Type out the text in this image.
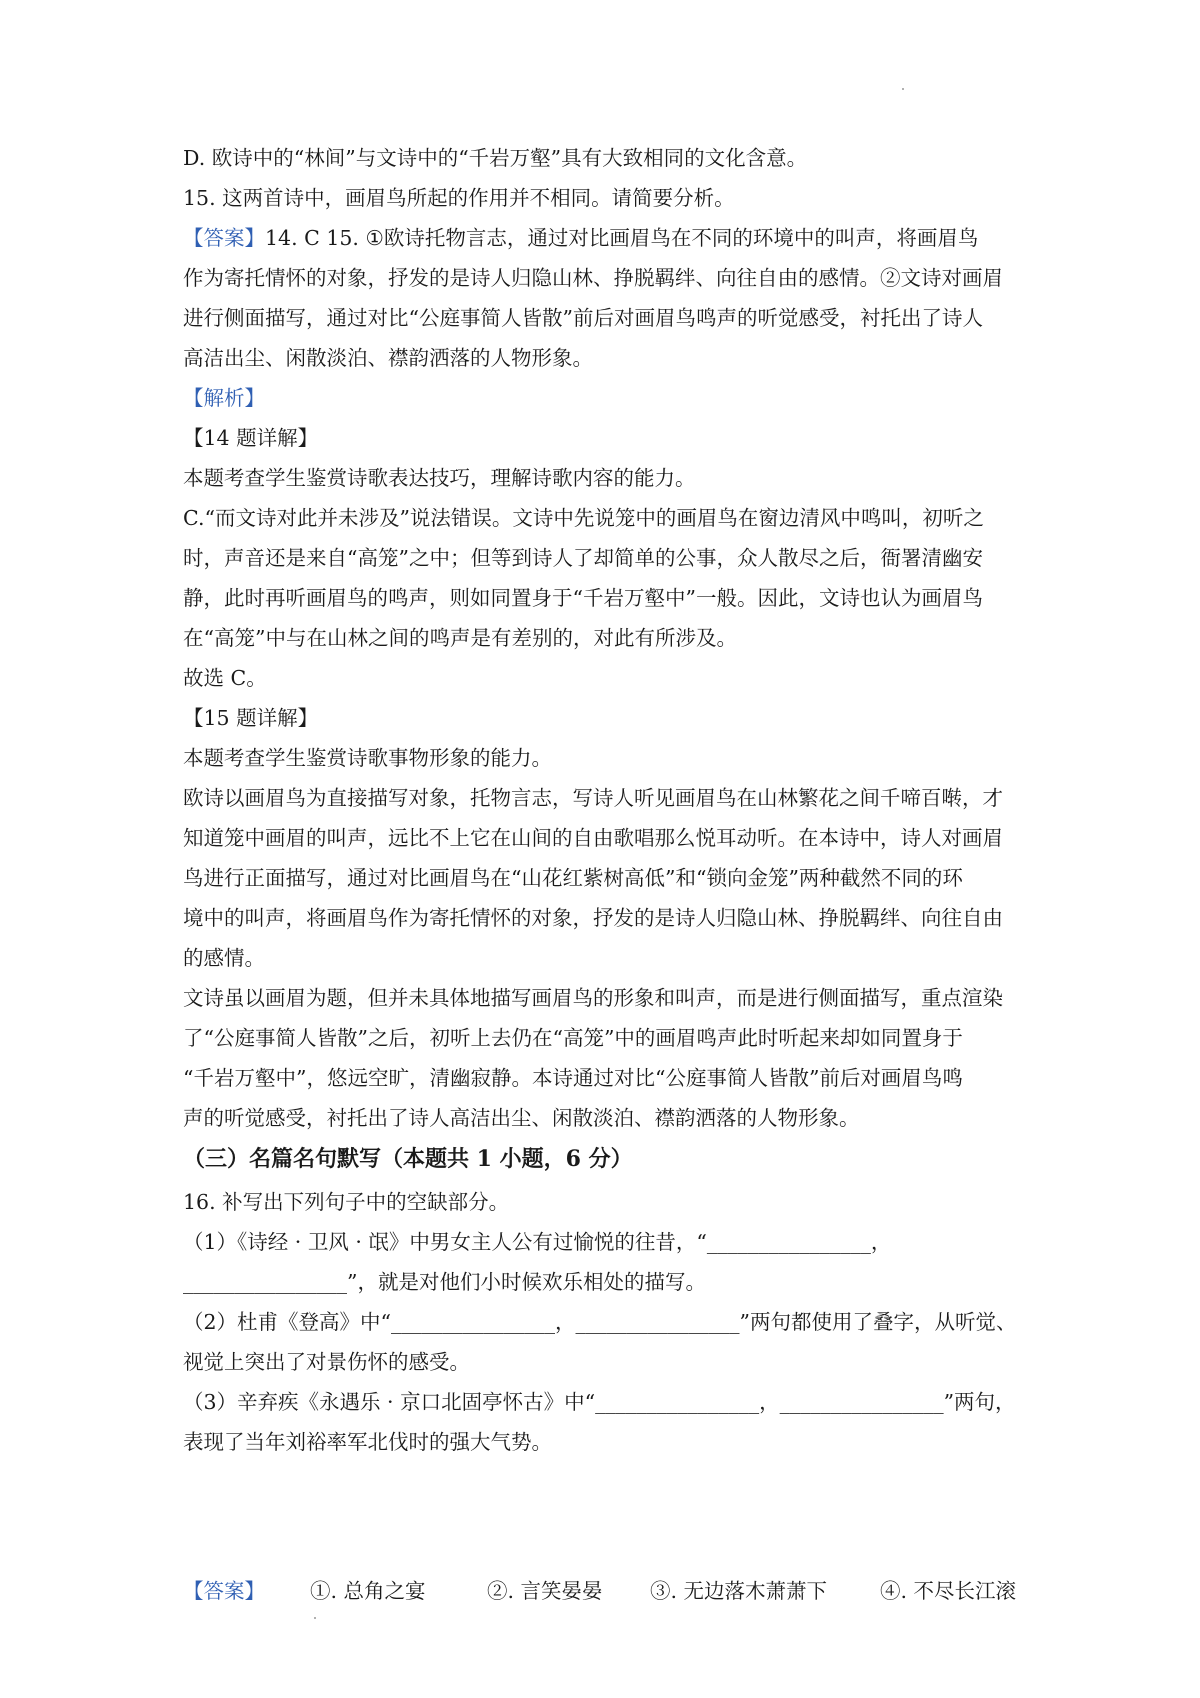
D. 欧诗中的“林间”与文诗中的“千岩万壑”具有大致相同的文化含意。
15. 这两首诗中，画眉鸟所起的作用并不相同。请简要分析。
【答案】14. C 15. ①欧诗托物言志，通过对比画眉鸟在不同的环境中的叫声，将画眉鸟
作为寄托情怀的对象，抒发的是诗人归隐山林、挣脱羁绊、向往自由的感情。②文诗对画眉
进行侧面描写，通过对比“公庭事简人皆散”前后对画眉鸟鸣声的听觉感受，衬托出了诗人
高洁出尘、闲散淡泊、襟韵洒落的人物形象。
【解析】
【14 题详解】
本题考查学生鉴赏诗歌表达技巧，理解诗歌内容的能力。
C.“而文诗对此并未涉及”说法错误。文诗中先说笼中的画眉鸟在窗边清风中鸣叫，初听之
时，声音还是来自“高笼”之中；但等到诗人了却简单的公事，众人散尽之后，衙署清幽安
静，此时再听画眉鸟的鸣声，则如同置身于“千岩万壑中”一般。因此，文诗也认为画眉鸟
在“高笼”中与在山林之间的鸣声是有差别的，对此有所涉及。
故选 C。
【15 题详解】
本题考查学生鉴赏诗歌事物形象的能力。
欧诗以画眉鸟为直接描写对象，托物言志，写诗人听见画眉鸟在山林繁花之间千啼百啭，才
知道笼中画眉的叫声，远比不上它在山间的自由歌唱那么悦耳动听。在本诗中，诗人对画眉
鸟进行正面描写，通过对比画眉鸟在“山花红紫树高低”和“锁向金笼”两种截然不同的环
境中的叫声，将画眉鸟作为寄托情怀的对象，抒发的是诗人归隐山林、挣脱羁绊、向往自由
的感情。
文诗虽以画眉为题，但并未具体地描写画眉鸟的形象和叫声，而是进行侧面描写，重点渲染
了“公庭事简人皆散”之后，初听上去仍在“高笼”中的画眉鸣声此时听起来却如同置身于
“千岩万壑中”，悠远空旷，清幽寂静。本诗通过对比“公庭事简人皆散”前后对画眉鸟鸣
声的听觉感受，衬托出了诗人高洁出尘、闲散淡泊、襟韵洒落的人物形象。
（三）名篇名句默写（本题共 1 小题，6 分）
16. 补写出下列句子中的空缺部分。
（1）《诗经 · 卫风 · 氓》中男女主人公有过愉悦的往昔，“________________，
________________”，就是对他们小时候欢乐相处的描写。
（2）杜甫《登高》中“________________，________________”两句都使用了叠字，从听觉、
视觉上突出了对景伤怀的感受。
（3）辛弃疾《永遇乐 · 京口北固亭怀古》中“________________，________________”两句，
表现了当年刘裕率军北伐时的强大气势。
【答案】 ①. 总角之宴	②. 言笑晏晏 ③. 无边落木萧萧下	④. 不尽长江滚
